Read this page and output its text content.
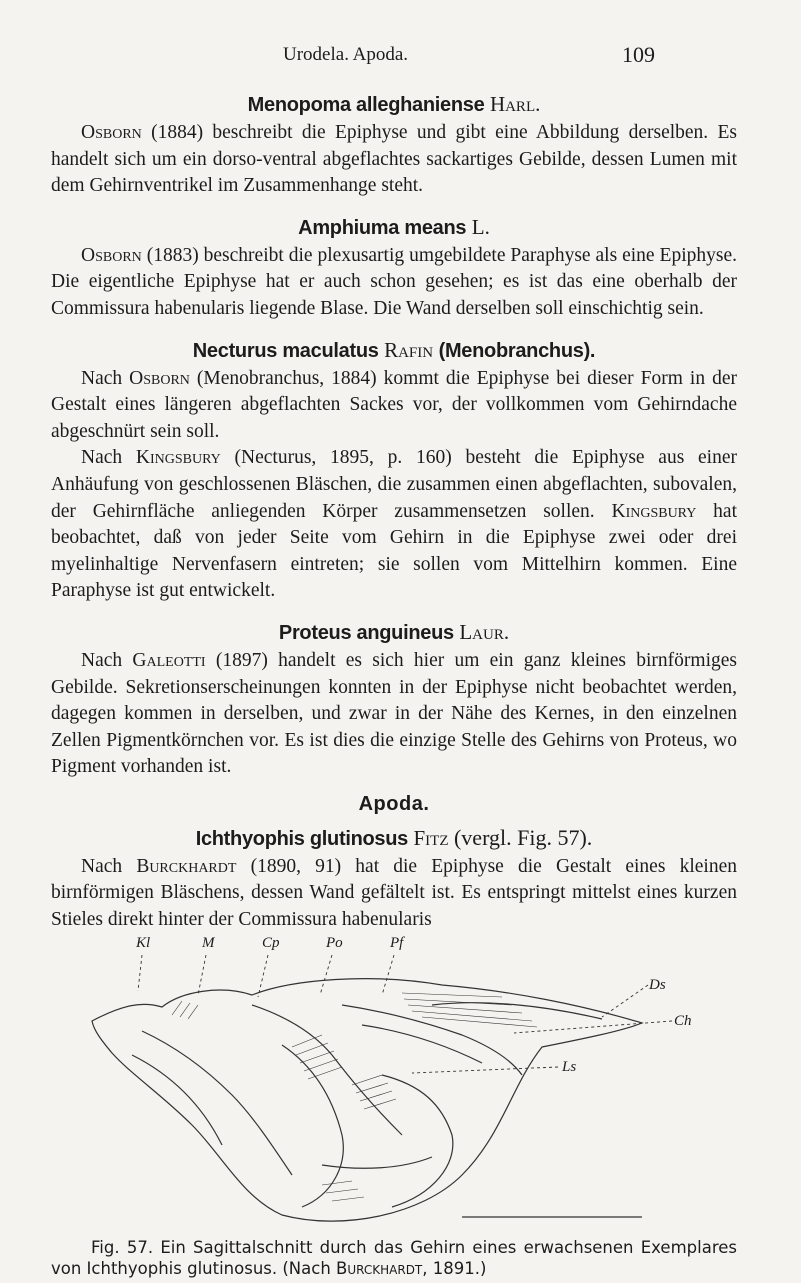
Urodela. Apoda.	109
Menopoma alleghaniense Harl.

Osborn (1884) beschreibt die Epiphyse und gibt eine Abbildung derselben. Es handelt sich um ein dorso-ventral abgeflachtes sackartiges Gebilde, dessen Lumen mit dem Gehirnventrikel im Zusammenhange steht.

Amphiuma means L.

Osborn (1883) beschreibt die plexusartig umgebildete Paraphyse als eine Epiphyse. Die eigentliche Epiphyse hat er auch schon gesehen; es ist das eine oberhalb der Commissura habenularis liegende Blase. Die Wand derselben soll einschichtig sein.

Necturus maculatus Rafin (Menobranchus).

Nach Osborn (Menobranchus, 1884) kommt die Epiphyse bei dieser Form in der Gestalt eines längeren abgeflachten Sackes vor, der vollkommen vom Gehirndache abgeschnürt sein soll.

Nach Kingsbury (Necturus, 1895, p. 160) besteht die Epiphyse aus einer Anhäufung von geschlossenen Bläschen, die zusammen einen abgeflachten, subovalen, der Gehirnfläche anliegenden Körper zusammensetzen sollen. Kingsbury hat beobachtet, daß von jeder Seite vom Gehirn in die Epiphyse zwei oder drei myelinhaltige Nervenfasern eintreten; sie sollen vom Mittelhirn kommen. Eine Paraphyse ist gut entwickelt.

Proteus anguineus Laur.

Nach Galeotti (1897) handelt es sich hier um ein ganz kleines birnförmiges Gebilde. Sekretionserscheinungen konnten in der Epiphyse nicht beobachtet werden, dagegen kommen in derselben, und zwar in der Nähe des Kernes, in den einzelnen Zellen Pigmentkörnchen vor. Es ist dies die einzige Stelle des Gehirns von Proteus, wo Pigment vorhanden ist.

Apoda.
Ichthyophis glutinosus Fitz (vergl. Fig. 57).

Nach Burckhardt (1890, 91) hat die Epiphyse die Gestalt eines kleinen birnförmigen Bläschens, dessen Wand gefältelt ist. Es entspringt mittelst eines kurzen Stieles direkt hinter der Commissura habenularis

Kl	M	Cp	Po	Pf
Ds
Ch
Ls
Fig. 57. Ein Sagittalschnitt durch das Gehirn eines erwachsenen Exemplares von Ichthyophis glutinosus. (Nach Burckhardt, 1891.)
